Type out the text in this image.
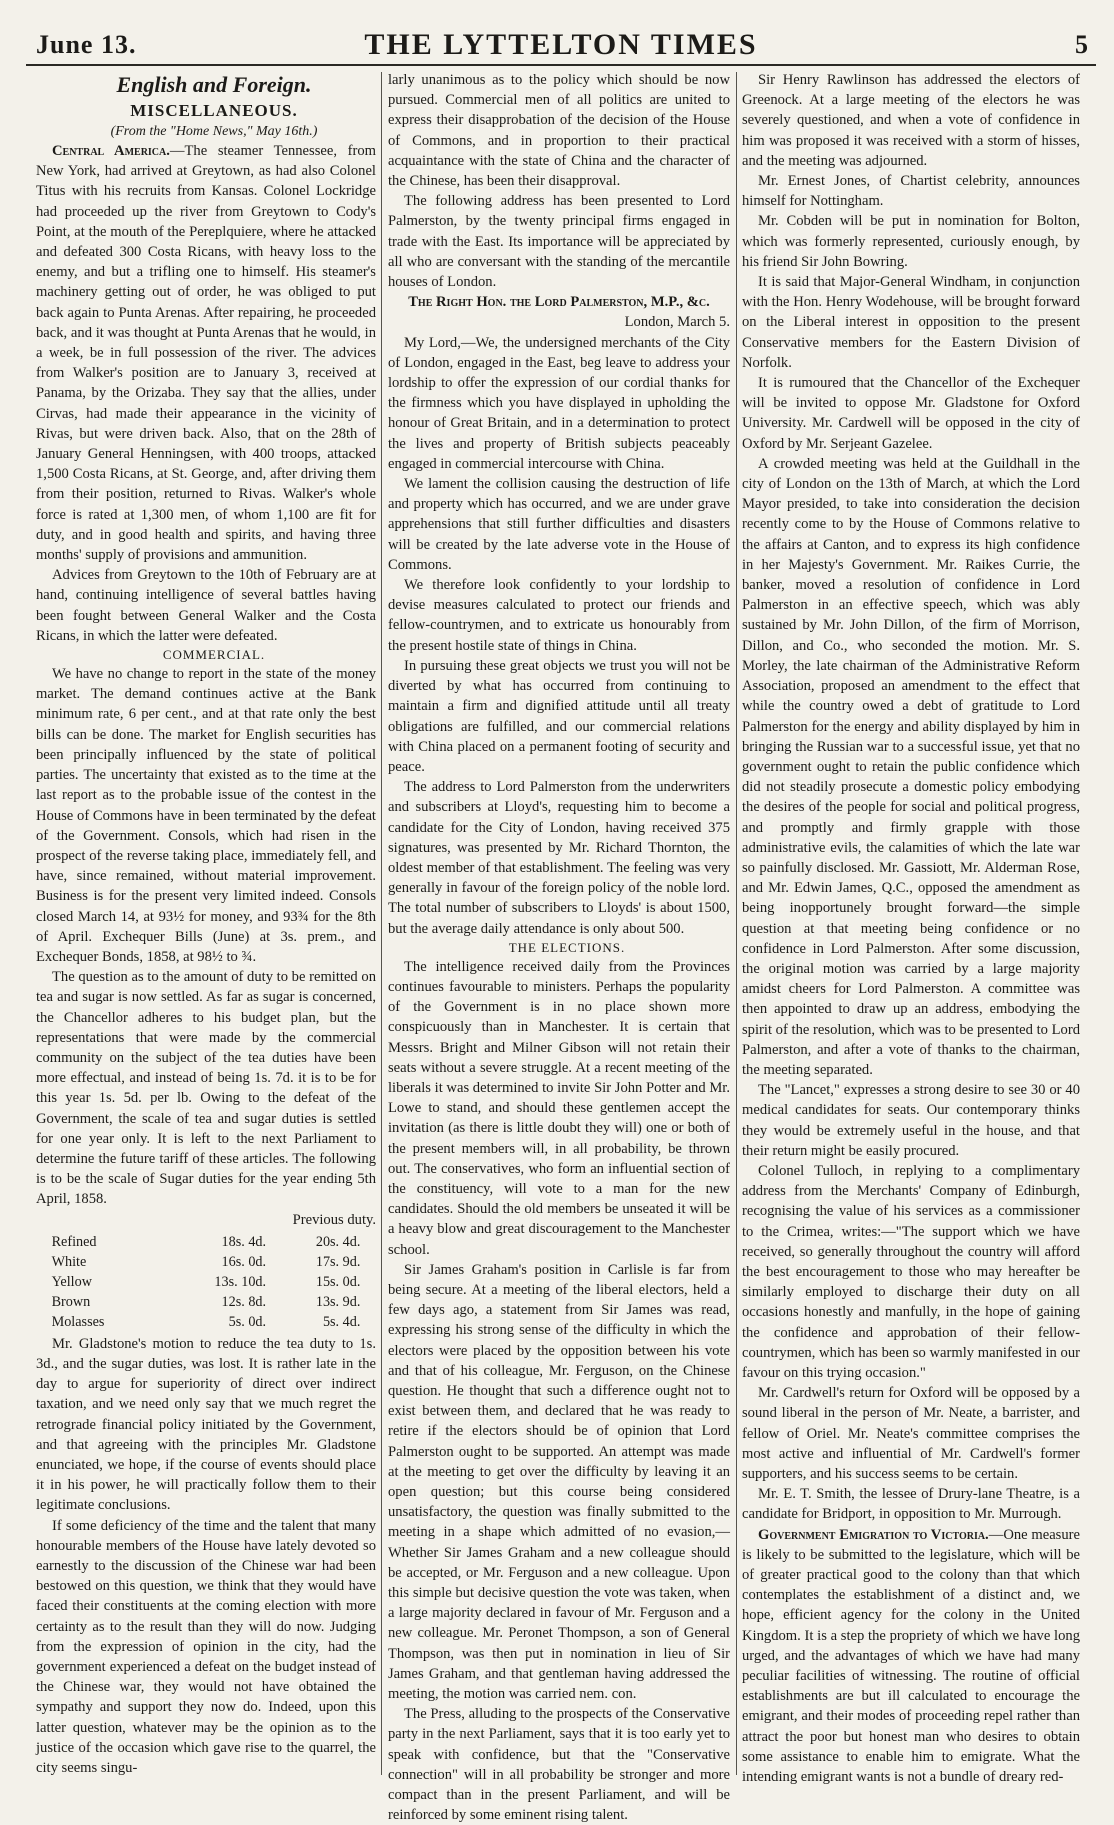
June 13.	THE LYTTELTON TIMES	5

English and Foreign.

MISCELLANEOUS.

(From the "Home News," May 16th.)

Central America.—The steamer Tennessee, from New York, had arrived at Greytown, as had also Colonel Titus with his recruits from Kansas. Colonel Lockridge had proceeded up the river from Greytown to Cody's Point, at the mouth of the Pereplquiere, where he attacked and defeated 300 Costa Ricans, with heavy loss to the enemy, and but a trifling one to himself. His steamer's machinery getting out of order, he was obliged to put back again to Punta Arenas. After repairing, he proceeded back, and it was thought at Punta Arenas that he would, in a week, be in full possession of the river. The advices from Walker's position are to January 3, received at Panama, by the Orizaba. They say that the allies, under Cirvas, had made their appearance in the vicinity of Rivas, but were driven back. Also, that on the 28th of January General Henningsen, with 400 troops, attacked 1,500 Costa Ricans, at St. George, and, after driving them from their position, returned to Rivas. Walker's whole force is rated at 1,300 men, of whom 1,100 are fit for duty, and in good health and spirits, and having three months' supply of provisions and ammunition.

Advices from Greytown to the 10th of February are at hand, continuing intelligence of several battles having been fought between General Walker and the Costa Ricans, in which the latter were defeated.

COMMERCIAL.

We have no change to report in the state of the money market. The demand continues active at the Bank minimum rate, 6 per cent., and at that rate only the best bills can be done. The market for English securities has been principally influenced by the state of political parties. The uncertainty that existed as to the time at the last report as to the probable issue of the contest in the House of Commons have in been terminated by the defeat of the Government. Consols, which had risen in the prospect of the reverse taking place, immediately fell, and have, since remained, without material improvement. Business is for the present very limited indeed. Consols closed March 14, at 93½ for money, and 93¾ for the 8th of April. Exchequer Bills (June) at 3s. prem., and Exchequer Bonds, 1858, at 98½ to ¾.

The question as to the amount of duty to be remitted on tea and sugar is now settled. As far as sugar is concerned, the Chancellor adheres to his budget plan, but the representations that were made by the commercial community on the subject of the tea duties have been more effectual, and instead of being 1s. 7d. it is to be for this year 1s. 5d. per lb. Owing to the defeat of the Government, the scale of tea and sugar duties is settled for one year only. It is left to the next Parliament to determine the future tariff of these articles. The following is to be the scale of Sugar duties for the year ending 5th April, 1858.

Previous duty.

Refined	18s. 4d.	20s. 4d.
White	16s. 0d.	17s. 9d.
Yellow	13s. 10d.	15s. 0d.
Brown	12s. 8d.	13s. 9d.
Molasses	5s. 0d.	5s. 4d.

Mr. Gladstone's motion to reduce the tea duty to 1s. 3d., and the sugar duties, was lost. It is rather late in the day to argue for superiority of direct over indirect taxation, and we need only say that we much regret the retrograde financial policy initiated by the Government, and that agreeing with the principles Mr. Gladstone enunciated, we hope, if the course of events should place it in his power, he will practically follow them to their legitimate conclusions.

If some deficiency of the time and the talent that many honourable members of the House have lately devoted so earnestly to the discussion of the Chinese war had been bestowed on this question, we think that they would have faced their constituents at the coming election with more certainty as to the result than they will do now. Judging from the expression of opinion in the city, had the government experienced a defeat on the budget instead of the Chinese war, they would not have obtained the sympathy and support they now do. Indeed, upon this latter question, whatever may be the opinion as to the justice of the occasion which gave rise to the quarrel, the city seems singu-

larly unanimous as to the policy which should be now pursued. Commercial men of all politics are united to express their disapprobation of the decision of the House of Commons, and in proportion to their practical acquaintance with the state of China and the character of the Chinese, has been their disapproval.

The following address has been presented to Lord Palmerston, by the twenty principal firms engaged in trade with the East. Its importance will be appreciated by all who are conversant with the standing of the mercantile houses of London.

The Right Hon. the Lord Palmerston, M.P., &c.

London, March 5.

My Lord,—We, the undersigned merchants of the City of London, engaged in the East, beg leave to address your lordship to offer the expression of our cordial thanks for the firmness which you have displayed in upholding the honour of Great Britain, and in a determination to protect the lives and property of British subjects peaceably engaged in commercial intercourse with China.

We lament the collision causing the destruction of life and property which has occurred, and we are under grave apprehensions that still further difficulties and disasters will be created by the late adverse vote in the House of Commons.

We therefore look confidently to your lordship to devise measures calculated to protect our friends and fellow-countrymen, and to extricate us honourably from the present hostile state of things in China.

In pursuing these great objects we trust you will not be diverted by what has occurred from continuing to maintain a firm and dignified attitude until all treaty obligations are fulfilled, and our commercial relations with China placed on a permanent footing of security and peace.

The address to Lord Palmerston from the underwriters and subscribers at Lloyd's, requesting him to become a candidate for the City of London, having received 375 signatures, was presented by Mr. Richard Thornton, the oldest member of that establishment. The feeling was very generally in favour of the foreign policy of the noble lord. The total number of subscribers to Lloyds' is about 1500, but the average daily attendance is only about 500.

THE ELECTIONS.

The intelligence received daily from the Provinces continues favourable to ministers. Perhaps the popularity of the Government is in no place shown more conspicuously than in Manchester. It is certain that Messrs. Bright and Milner Gibson will not retain their seats without a severe struggle. At a recent meeting of the liberals it was determined to invite Sir John Potter and Mr. Lowe to stand, and should these gentlemen accept the invitation (as there is little doubt they will) one or both of the present members will, in all probability, be thrown out. The conservatives, who form an influential section of the constituency, will vote to a man for the new candidates. Should the old members be unseated it will be a heavy blow and great discouragement to the Manchester school.

Sir James Graham's position in Carlisle is far from being secure. At a meeting of the liberal electors, held a few days ago, a statement from Sir James was read, expressing his strong sense of the difficulty in which the electors were placed by the opposition between his vote and that of his colleague, Mr. Ferguson, on the Chinese question. He thought that such a difference ought not to exist between them, and declared that he was ready to retire if the electors should be of opinion that Lord Palmerston ought to be supported. An attempt was made at the meeting to get over the difficulty by leaving it an open question; but this course being considered unsatisfactory, the question was finally submitted to the meeting in a shape which admitted of no evasion,—Whether Sir James Graham and a new colleague should be accepted, or Mr. Ferguson and a new colleague. Upon this simple but decisive question the vote was taken, when a large majority declared in favour of Mr. Ferguson and a new colleague. Mr. Peronet Thompson, a son of General Thompson, was then put in nomination in lieu of Sir James Graham, and that gentleman having addressed the meeting, the motion was carried nem. con.

The Press, alluding to the prospects of the Conservative party in the next Parliament, says that it is too early yet to speak with confidence, but that the "Conservative connection" will in all probability be stronger and more compact than in the present Parliament, and will be reinforced by some eminent rising talent.

Sir Henry Rawlinson has addressed the electors of Greenock. At a large meeting of the electors he was severely questioned, and when a vote of confidence in him was proposed it was received with a storm of hisses, and the meeting was adjourned.

Mr. Ernest Jones, of Chartist celebrity, announces himself for Nottingham.

Mr. Cobden will be put in nomination for Bolton, which was formerly represented, curiously enough, by his friend Sir John Bowring.

It is said that Major-General Windham, in conjunction with the Hon. Henry Wodehouse, will be brought forward on the Liberal interest in opposition to the present Conservative members for the Eastern Division of Norfolk.

It is rumoured that the Chancellor of the Exchequer will be invited to oppose Mr. Gladstone for Oxford University. Mr. Cardwell will be opposed in the city of Oxford by Mr. Serjeant Gazelee.

A crowded meeting was held at the Guildhall in the city of London on the 13th of March, at which the Lord Mayor presided, to take into consideration the decision recently come to by the House of Commons relative to the affairs at Canton, and to express its high confidence in her Majesty's Government. Mr. Raikes Currie, the banker, moved a resolution of confidence in Lord Palmerston in an effective speech, which was ably sustained by Mr. John Dillon, of the firm of Morrison, Dillon, and Co., who seconded the motion. Mr. S. Morley, the late chairman of the Administrative Reform Association, proposed an amendment to the effect that while the country owed a debt of gratitude to Lord Palmerston for the energy and ability displayed by him in bringing the Russian war to a successful issue, yet that no government ought to retain the public confidence which did not steadily prosecute a domestic policy embodying the desires of the people for social and political progress, and promptly and firmly grapple with those administrative evils, the calamities of which the late war so painfully disclosed. Mr. Gassiott, Mr. Alderman Rose, and Mr. Edwin James, Q.C., opposed the amendment as being inopportunely brought forward—the simple question at that meeting being confidence or no confidence in Lord Palmerston. After some discussion, the original motion was carried by a large majority amidst cheers for Lord Palmerston. A committee was then appointed to draw up an address, embodying the spirit of the resolution, which was to be presented to Lord Palmerston, and after a vote of thanks to the chairman, the meeting separated.

The "Lancet," expresses a strong desire to see 30 or 40 medical candidates for seats. Our contemporary thinks they would be extremely useful in the house, and that their return might be easily procured.

Colonel Tulloch, in replying to a complimentary address from the Merchants' Company of Edinburgh, recognising the value of his services as a commissioner to the Crimea, writes:—"The support which we have received, so generally throughout the country will afford the best encouragement to those who may hereafter be similarly employed to discharge their duty on all occasions honestly and manfully, in the hope of gaining the confidence and approbation of their fellow-countrymen, which has been so warmly manifested in our favour on this trying occasion."

Mr. Cardwell's return for Oxford will be opposed by a sound liberal in the person of Mr. Neate, a barrister, and fellow of Oriel. Mr. Neate's committee comprises the most active and influential of Mr. Cardwell's former supporters, and his success seems to be certain.

Mr. E. T. Smith, the lessee of Drury-lane Theatre, is a candidate for Bridport, in opposition to Mr. Murrough.

Government Emigration to Victoria.—One measure is likely to be submitted to the legislature, which will be of greater practical good to the colony than that which contemplates the establishment of a distinct and, we hope, efficient agency for the colony in the United Kingdom. It is a step the propriety of which we have long urged, and the advantages of which we have had many peculiar facilities of witnessing. The routine of official establishments are but ill calculated to encourage the emigrant, and their modes of proceeding repel rather than attract the poor but honest man who desires to obtain some assistance to enable him to emigrate. What the intending emigrant wants is not a bundle of dreary red-
